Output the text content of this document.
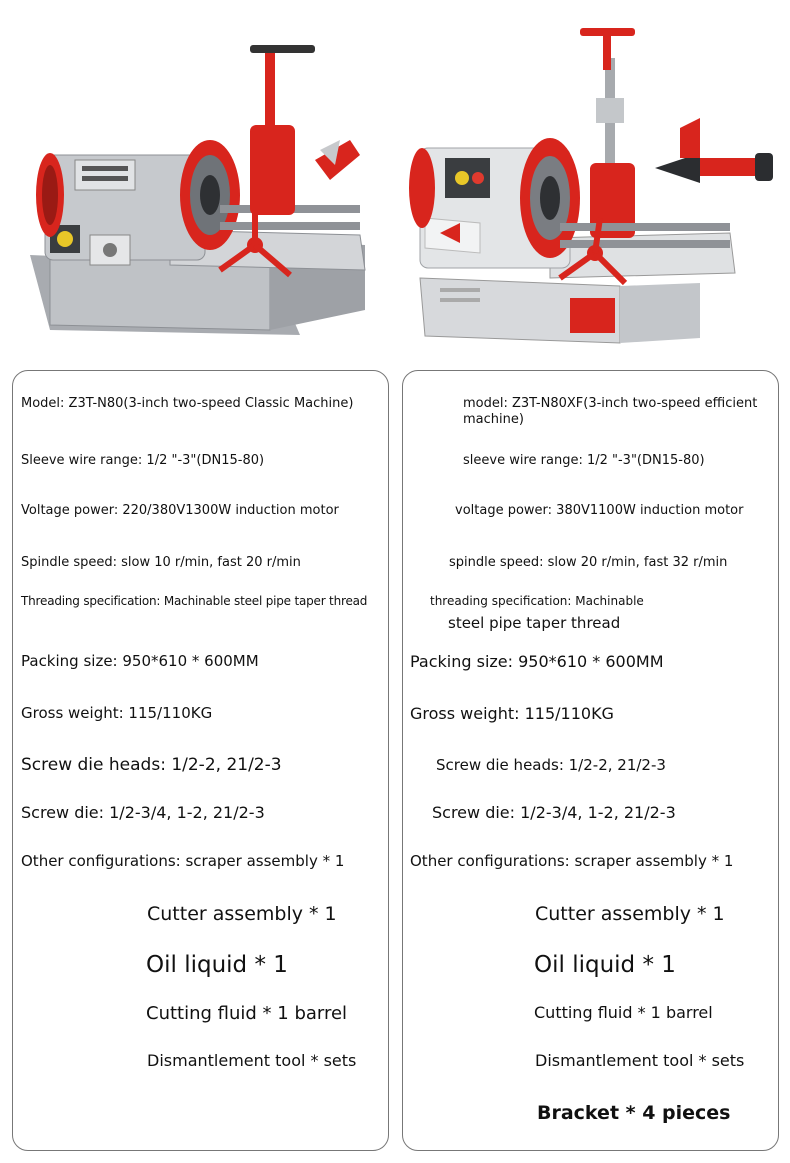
Model: Z3T-N80(3-inch two-speed Classic Machine)
Sleeve wire range: 1/2 "-3"(DN15-80)
Voltage power: 220/380V1300W induction motor
Spindle speed: slow 10 r/min, fast 20 r/min
Threading specification: Machinable steel pipe taper thread
Packing size: 950*610 * 600MM
Gross weight: 115/110KG
Screw die heads: 1/2-2, 21/2-3
Screw die: 1/2-3/4, 1-2, 21/2-3
Other configurations: scraper assembly * 1
Cutter assembly * 1
Oil liquid * 1
Cutting fluid * 1 barrel
Dismantlement tool * sets
model: Z3T-N80XF(3-inch two-speed efficient machine)
sleeve wire range: 1/2 "-3"(DN15-80)
voltage power: 380V1100W induction motor
spindle speed: slow 20 r/min, fast 32 r/min
threading specification: Machinable
steel pipe taper thread
Packing size: 950*610 * 600MM
Gross weight: 115/110KG
Screw die heads: 1/2-2, 21/2-3
Screw die: 1/2-3/4, 1-2, 21/2-3
Other configurations: scraper assembly * 1
Cutter assembly * 1
Oil liquid * 1
Cutting fluid * 1 barrel
Dismantlement tool * sets
Bracket * 4 pieces
